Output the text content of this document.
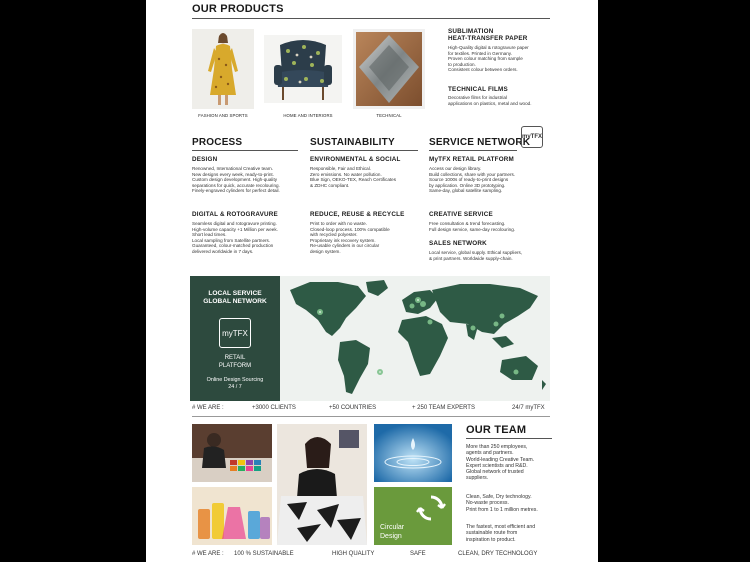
OUR PRODUCTS
FASHION AND SPORTS	HOME AND INTERIORS	TECHNICAL
SUBLIMATION
HEAT-TRANSFER PAPER
High-Quality digital & rotogravure paper
for textiles. Printed in Germany.
Proven colour matching from sample
to production.
Consistent colour between orders.
TECHNICAL FILMS
Decorative films for industrial
applications on plastics, metal and wood.
PROCESS
DESIGN
Renowned, International Creative team.
New designs every week, ready-to-print.
Custom design development. High-quality
separations for quick, accurate recolouring.
Finely-engraved cylinders for perfect detail.
DIGITAL & ROTOGRAVURE
Seamless digital and rotogravure printing.
High-volume capacity +1 Million per week.
Short lead times.
Local sampling from Satellite partners.
Guaranteed, colour-matched production
delivered worldwide in 7 days.
SUSTAINABILITY
ENVIRONMENTAL & SOCIAL
Responsible, Fair and Ethical.
Zero emissions. No water pollution.
Blue Sign, OEKO-TEX, Reach Certificates
& ZDHC compliant.
REDUCE, REUSE & RECYCLE
Print to order with no waste.
Closed-loop process. 100% compatible
with recycled polyester.
Proprietary ink recovery system.
Re-usable cylinders in our circular
design system.
SERVICE NETWORK
myTFX
MyTFX RETAIL PLATFORM
Access our design library.
Build collections, share with your partners.
Source 1000s of ready-to-print designs
by application. Online 3D prototyping.
Same-day, global satellite sampling.
CREATIVE SERVICE
Free consultation & trend forecasting.
Full design service, same-day recolouring.
SALES NETWORK
Local service, global supply. Ethical suppliers,
& print partners. Worldwide supply-chain.
LOCAL SERVICE
GLOBAL NETWORK
myTFX
RETAIL
PLATFORM
Online Design Sourcing
24 / 7
# WE ARE :	+3000 CLIENTS	+50 COUNTRIES	+ 250 TEAM EXPERTS	24/7 myTFX
Circular
Design
OUR TEAM
More than 250 employees,
agents and partners.
World-leading Creative Team.
Expert scientists and R&D.
Global network of trusted
suppliers.
Clean, Safe, Dry technology.
No-waste process.
Print from 1 to 1 million metres.
The fastest, most efficient and
sustainable route from
inspiration to product.
# WE ARE : 100 % SUSTAINABLE	HIGH QUALITY	SAFE	CLEAN, DRY TECHNOLOGY
